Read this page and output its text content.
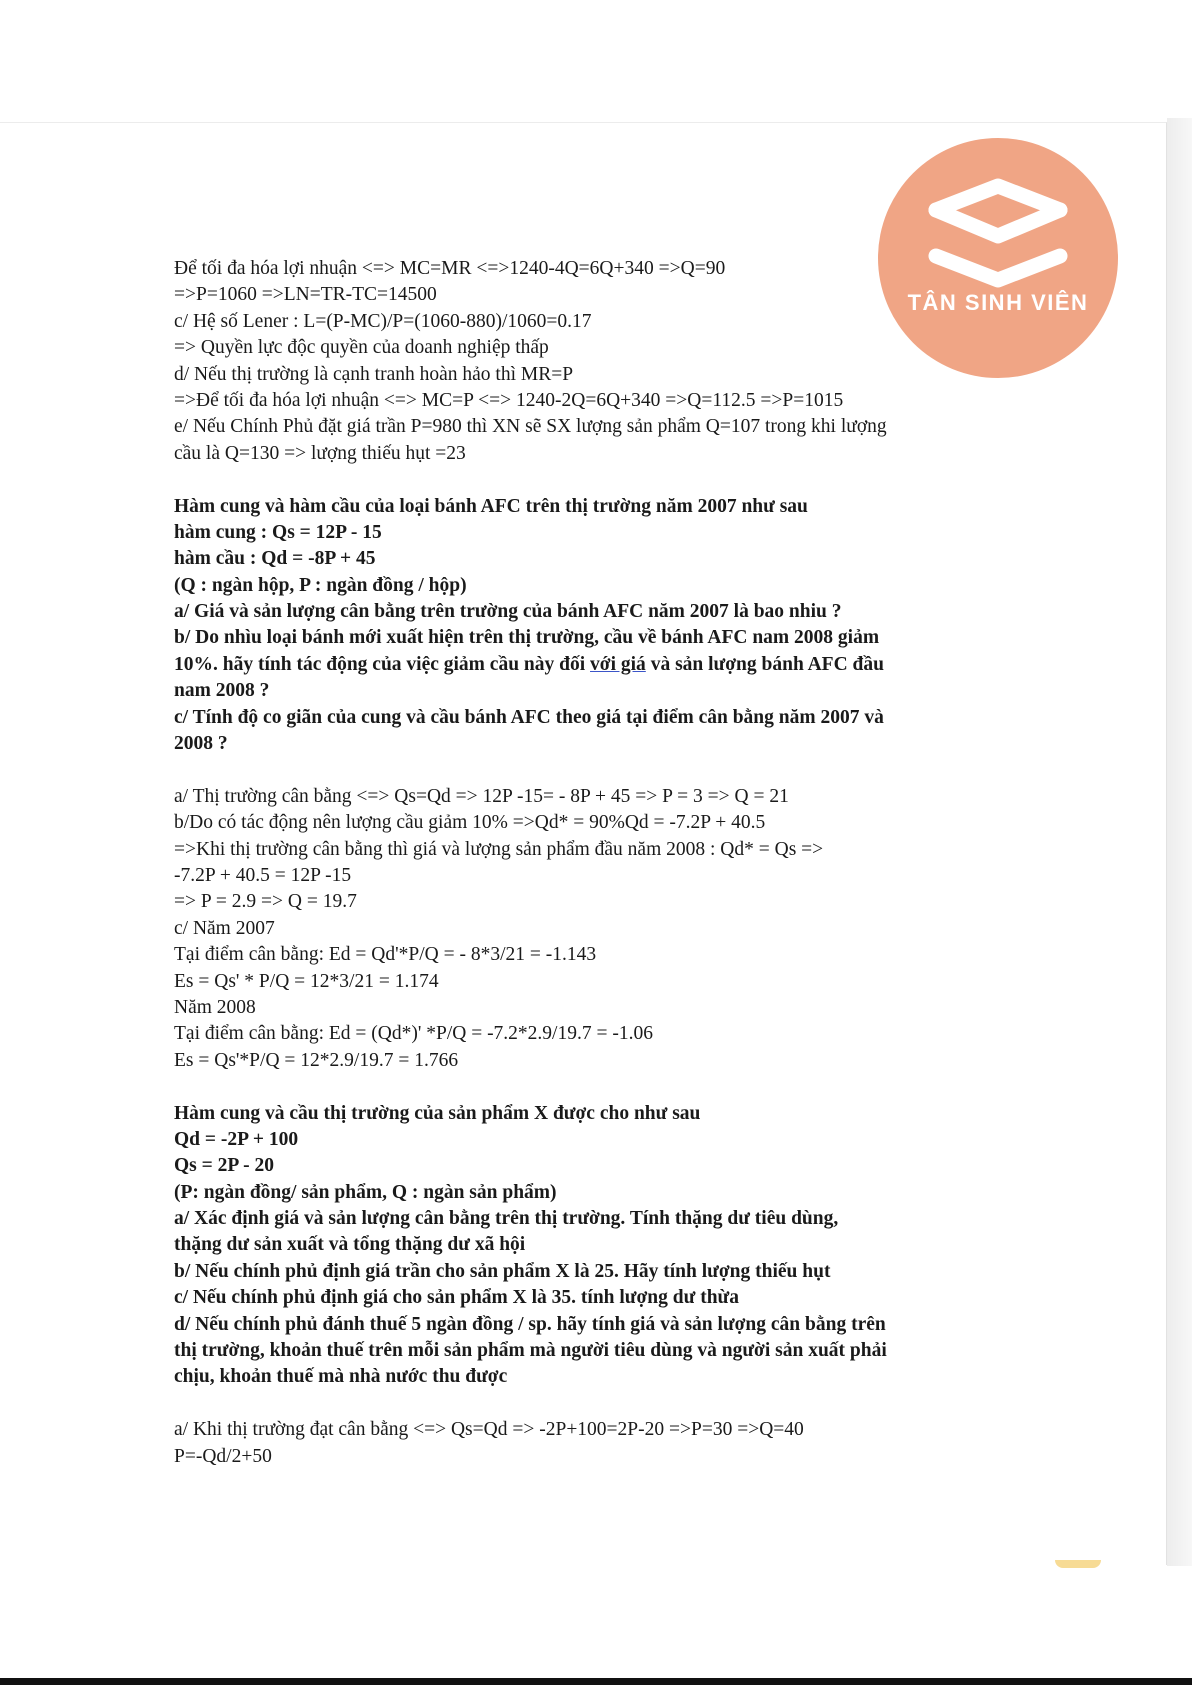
TÂN SINH VIÊN
Để tối đa hóa lợi nhuận <=> MC=MR <=>1240-4Q=6Q+340 =>Q=90
=>P=1060 =>LN=TR-TC=14500
c/ Hệ số Lener : L=(P-MC)/P=(1060-880)/1060=0.17
=> Quyền lực độc quyền của doanh nghiệp thấp
d/ Nếu thị trường là cạnh tranh hoàn hảo thì MR=P
=>Để tối đa hóa lợi nhuận <=> MC=P <=> 1240-2Q=6Q+340 =>Q=112.5 =>P=1015
e/ Nếu Chính Phủ đặt giá trần P=980 thì XN sẽ SX lượng sản phẩm Q=107 trong khi lượng
cầu là Q=130 => lượng thiếu hụt =23
Hàm cung và hàm cầu của loại bánh AFC trên thị trường năm 2007 như sau
hàm cung : Qs = 12P - 15
hàm cầu : Qd = -8P + 45
(Q : ngàn hộp, P : ngàn đồng / hộp)
a/ Giá và sản lượng cân bằng trên trường của bánh AFC năm 2007 là bao nhiu ?
b/ Do nhìu loại bánh mới xuất hiện trên thị trường, cầu về bánh AFC nam 2008 giảm
10%. hãy tính tác động của việc giảm cầu này đối với giá và sản lượng bánh AFC đầu
nam 2008 ?
c/ Tính độ co giãn của cung và cầu bánh AFC theo giá tại điểm cân bằng năm 2007 và
2008 ?
a/ Thị trường cân bằng <=> Qs=Qd => 12P -15= - 8P + 45 => P = 3 => Q = 21
b/Do có tác động nên lượng cầu giảm 10% =>Qd* = 90%Qd = -7.2P + 40.5
=>Khi thị trường cân bằng thì giá và lượng sản phẩm đầu năm 2008 : Qd* = Qs =>
-7.2P + 40.5 = 12P -15
=> P = 2.9 => Q = 19.7
c/ Năm 2007
Tại điểm cân bằng: Ed = Qd'*P/Q = - 8*3/21 = -1.143
Es = Qs' * P/Q = 12*3/21 = 1.174
Năm 2008
Tại điểm cân bằng: Ed = (Qd*)' *P/Q = -7.2*2.9/19.7 = -1.06
Es = Qs'*P/Q = 12*2.9/19.7 = 1.766
Hàm cung và cầu thị trường của sản phẩm X được cho như sau
Qd = -2P + 100
Qs = 2P - 20
(P: ngàn đồng/ sản phẩm, Q : ngàn sản phẩm)
a/ Xác định giá và sản lượng cân bằng trên thị trường. Tính thặng dư tiêu dùng,
thặng dư sản xuất và tổng thặng dư xã hội
b/ Nếu chính phủ định giá trần cho sản phẩm X là 25. Hãy tính lượng thiếu hụt
c/ Nếu chính phủ định giá cho sản phẩm X là 35. tính lượng dư thừa
d/ Nếu chính phủ đánh thuế 5 ngàn đồng / sp. hãy tính giá và sản lượng cân bằng trên
thị trường, khoản thuế trên mỗi sản phẩm mà người tiêu dùng và người sản xuất phải
chịu, khoản thuế mà nhà nước thu được
a/ Khi thị trường đạt cân bằng <=> Qs=Qd => -2P+100=2P-20 =>P=30 =>Q=40
P=-Qd/2+50
